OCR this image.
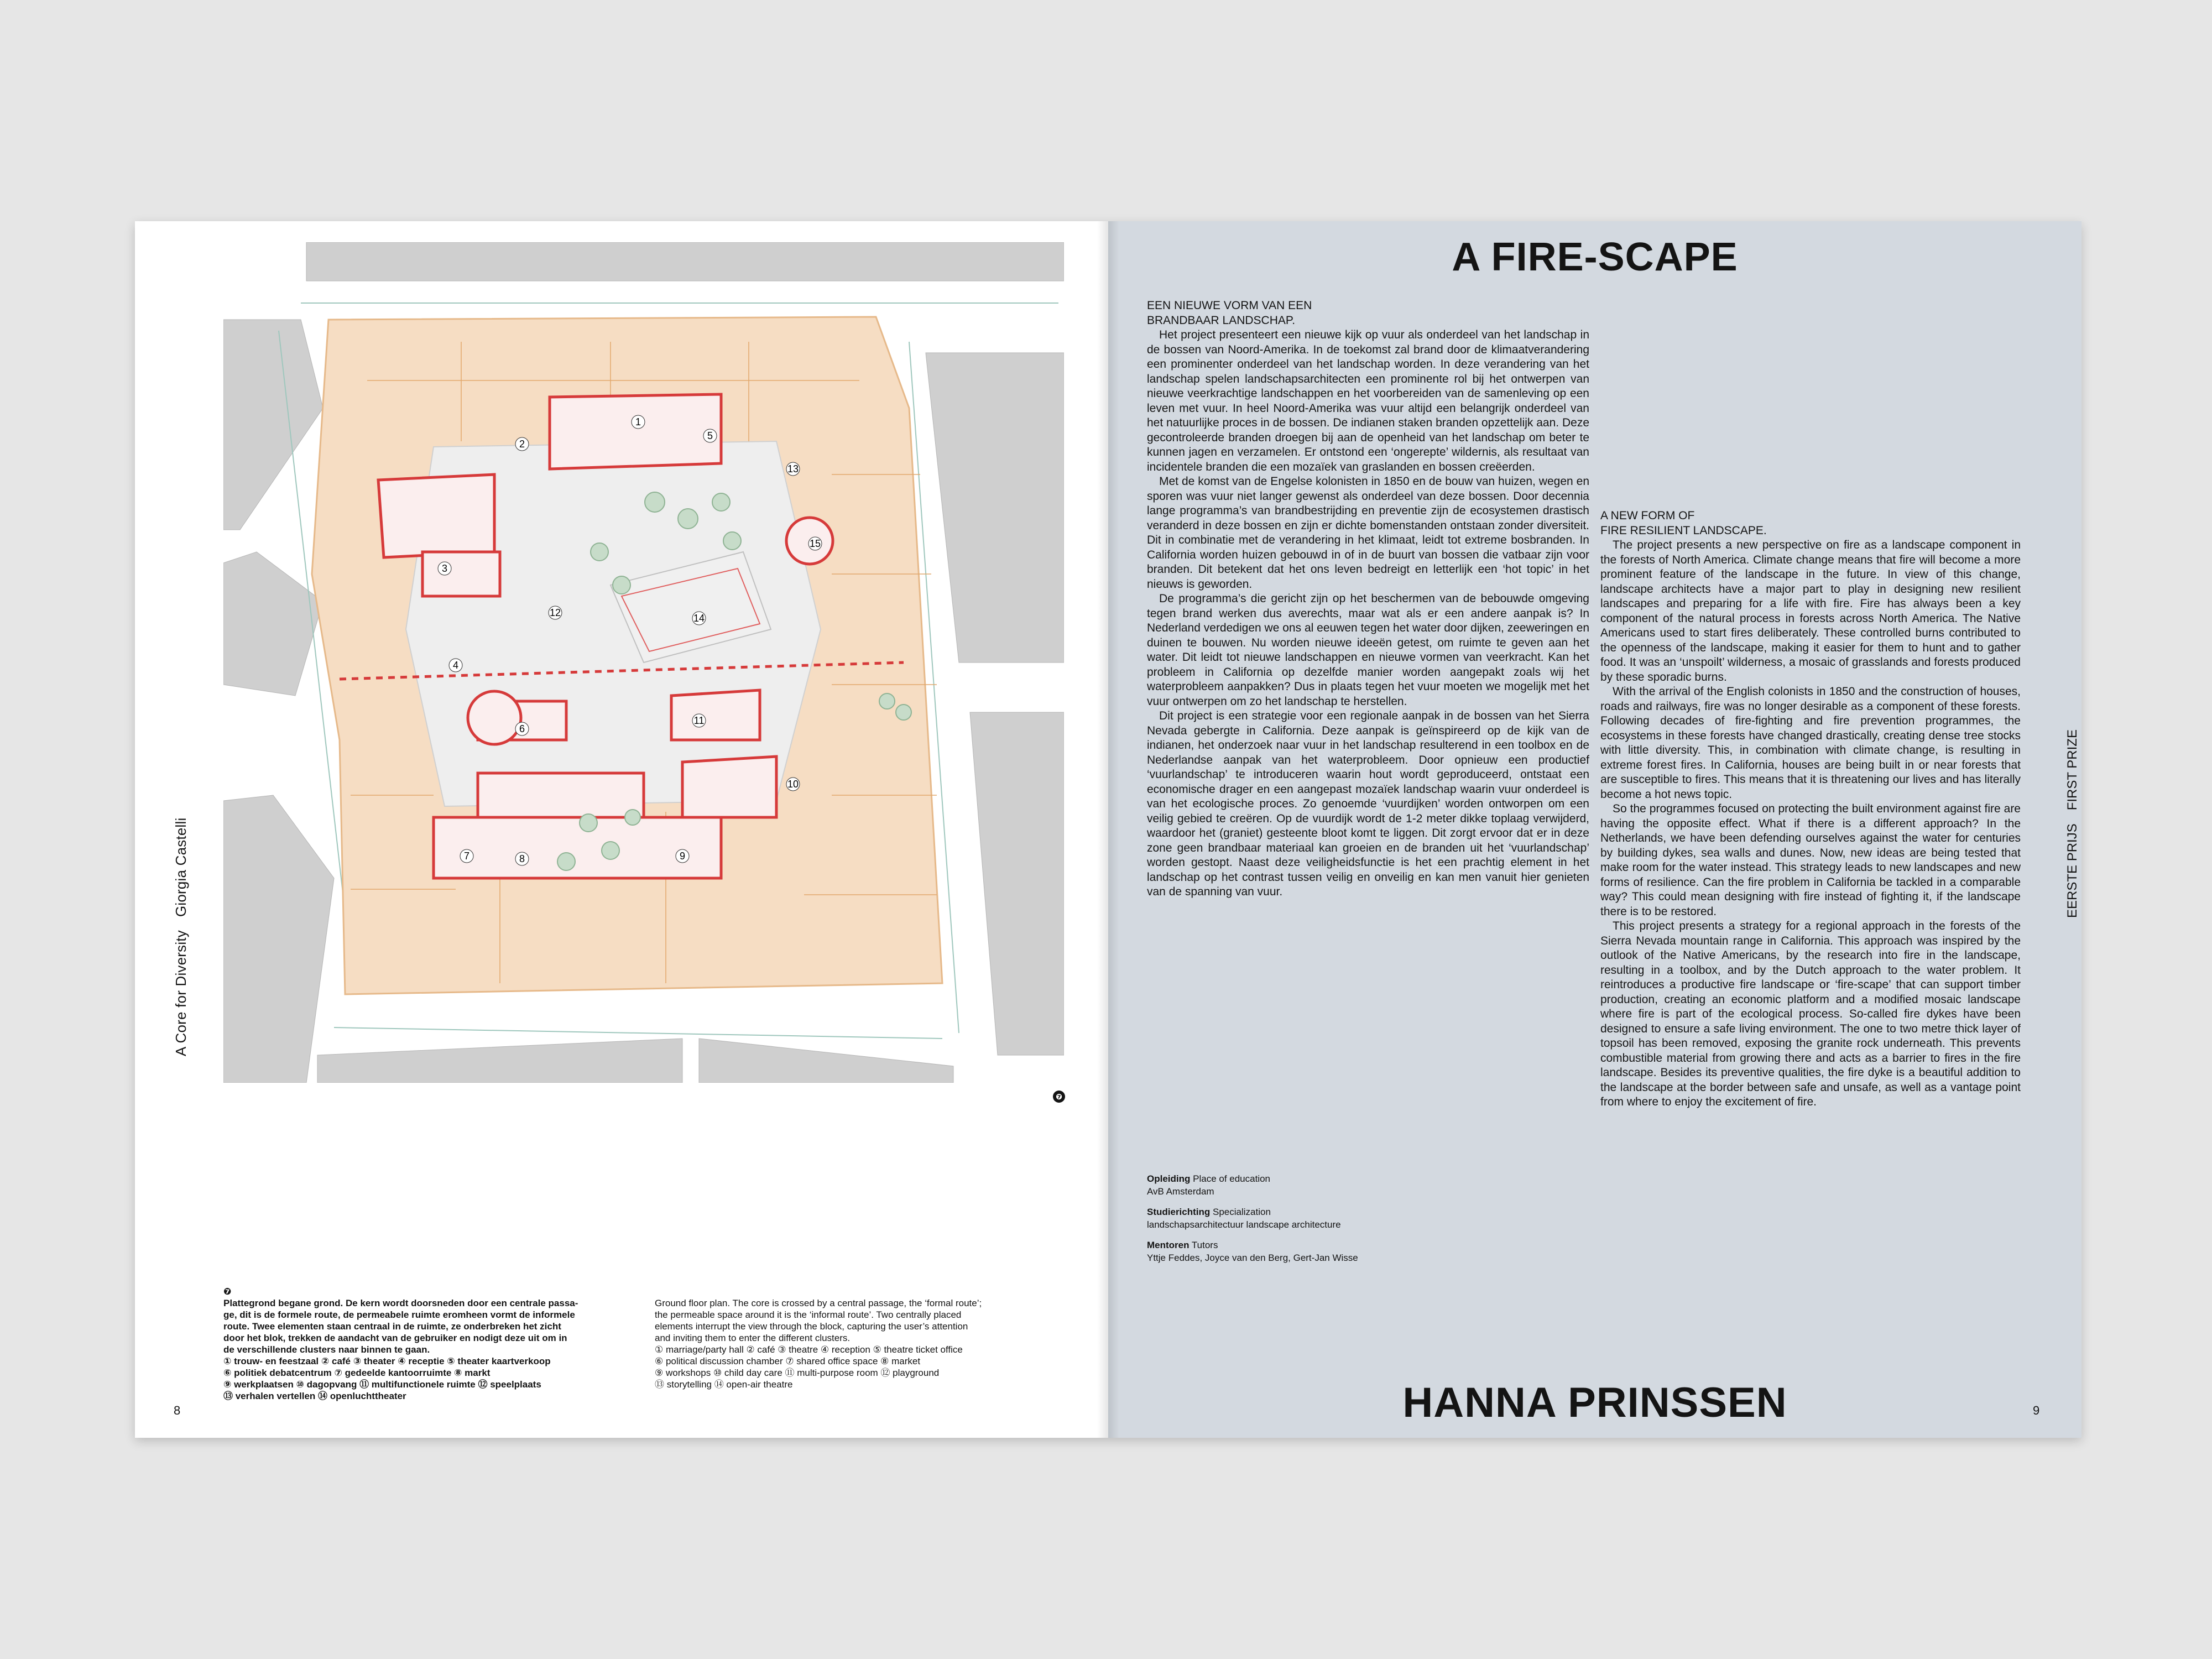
1
2
3
4
5
6
7	8	9
10
11
12
13
14
15
A Core for DiversityGiorgia Castelli
❼
❼
Plattegrond begane grond. De kern wordt doorsneden door een centrale passa-
ge, dit is de formele route, de permeabele ruimte eromheen vormt de informele
route. Twee elementen staan centraal in de ruimte, ze onderbreken het zicht
door het blok, trekken de aandacht van de gebruiker en nodigt deze uit om in
de verschillende clusters naar binnen te gaan.
① trouw- en feestzaal ② café ③ theater ④ receptie ⑤ theater kaartverkoop
⑥ politiek debatcentrum ⑦ gedeelde kantoorruimte ⑧ markt
⑨ werkplaatsen ⑩ dagopvang ⑪ multifunctionele ruimte ⑫ speelplaats
⑬ verhalen vertellen ⑭ openluchttheater
Ground floor plan. The core is crossed by a central passage, the ‘formal route’;
the permeable space around it is the ‘informal route’. Two centrally placed
elements interrupt the view through the block, capturing the user’s attention
and inviting them to enter the different clusters.
① marriage/party hall ② café ③ theatre ④ reception ⑤ theatre ticket office
⑥ political discussion chamber ⑦ shared office space ⑧ market
⑨ workshops ⑩ child day care ⑪ multi-purpose room ⑫ playground
⑬ storytelling ⑭ open-air theatre
8
A FIRE-SCAPE
EEN NIEUWE VORM VAN EEN
BRANDBAAR LANDSCHAP.

Het project presenteert een nieuwe kijk op vuur als onderdeel van het landschap in de bossen van Noord-Amerika. In de toekomst zal brand door de klimaatverandering een prominenter onderdeel van het landschap worden. In deze verandering van het landschap spelen landschapsarchitecten een prominente rol bij het ontwerpen van nieuwe veerkrachtige landschappen en het voorbereiden van de samenleving op een leven met vuur. In heel Noord-Amerika was vuur altijd een belangrijk onderdeel van het natuurlijke proces in de bossen. De indianen staken branden opzettelijk aan. Deze gecontroleerde branden droegen bij aan de openheid van het landschap om beter te kunnen jagen en verzamelen. Er ontstond een ‘ongerepte’ wildernis, als resultaat van incidentele branden die een mozaïek van graslanden en bossen creëerden.

Met de komst van de Engelse kolonisten in 1850 en de bouw van huizen, wegen en sporen was vuur niet langer gewenst als onderdeel van deze bossen. Door decennia lange programma’s van brandbestrijding en preventie zijn de ecosystemen drastisch veranderd in deze bossen en zijn er dichte bomenstanden ontstaan zonder diversiteit. Dit in combinatie met de verandering in het klimaat, leidt tot extreme bosbranden. In California worden huizen gebouwd in of in de buurt van bossen die vatbaar zijn voor branden. Dit betekent dat het ons leven bedreigt en letterlijk een ‘hot topic’ in het nieuws is geworden.

De programma’s die gericht zijn op het beschermen van de bebouwde omgeving tegen brand werken dus averechts, maar wat als er een andere aanpak is? In Nederland verdedigen we ons al eeuwen tegen het water door dijken, zeeweringen en duinen te bouwen. Nu worden nieuwe ideeën getest, om ruimte te geven aan het water. Dit leidt tot nieuwe landschappen en nieuwe vormen van veerkracht. Kan het probleem in California op dezelfde manier worden aangepakt zoals wij het waterprobleem aanpakken? Dus in plaats tegen het vuur moeten we mogelijk met het vuur ontwerpen om zo het landschap te herstellen.

Dit project is een strategie voor een regionale aanpak in de bossen van het Sierra Nevada gebergte in California. Deze aanpak is geïnspireerd op de kijk van de indianen, het onderzoek naar vuur in het landschap resulterend in een toolbox en de Nederlandse aanpak van het waterprobleem. Door opnieuw een productief ‘vuurlandschap’ te introduceren waarin hout wordt geproduceerd, ontstaat een economische drager en een aangepast mozaïek landschap waarin vuur onderdeel is van het ecologische proces. Zo genoemde ‘vuurdijken’ worden ontworpen om een veilig gebied te creëren. Op de vuurdijk wordt de 1-2 meter dikke toplaag verwijderd, waardoor het (graniet) gesteente bloot komt te liggen. Dit zorgt ervoor dat er in deze zone geen brandbaar materiaal kan groeien en de branden uit het ‘vuurlandschap’ worden gestopt. Naast deze veiligheidsfunctie is het een prachtig element in het landschap op het contrast tussen veilig en onveilig en kan men vanuit hier genieten van de spanning van vuur.

A NEW FORM OF
FIRE RESILIENT LANDSCAPE.

The project presents a new perspective on fire as a landscape component in the forests of North America. Climate change means that fire will become a more prominent feature of the landscape in the future. In view of this change, landscape architects have a major part to play in designing new resilient landscapes and preparing for a life with fire. Fire has always been a key component of the natural process in forests across North America. The Native Americans used to start fires deliberately. These controlled burns contributed to the openness of the landscape, making it easier for them to hunt and to gather food. It was an ‘unspoilt’ wilderness, a mosaic of grasslands and forests produced by these sporadic burns.

With the arrival of the English colonists in 1850 and the construction of houses, roads and railways, fire was no longer desirable as a component of these forests. Following decades of fire-fighting and fire prevention programmes, the ecosystems in these forests have changed drastically, creating dense tree stocks with little diversity. This, in combination with climate change, is resulting in extreme forest fires. In California, houses are being built in or near forests that are susceptible to fires. This means that it is threatening our lives and has literally become a hot news topic.

So the programmes focused on protecting the built environment against fire are having the opposite effect. What if there is a different approach? In the Netherlands, we have been defending ourselves against the water for centuries by building dykes, sea walls and dunes. Now, new ideas are being tested that make room for the water instead. This strategy leads to new landscapes and new forms of resilience. Can the fire problem in California be tackled in a comparable way? This could mean designing with fire instead of fighting it, if the landscape there is to be restored.

This project presents a strategy for a regional approach in the forests of the Sierra Nevada mountain range in California. This approach was inspired by the outlook of the Native Americans, by the research into fire in the landscape, resulting in a toolbox, and by the Dutch approach to the water problem. It reintroduces a productive fire landscape or ‘fire-scape’ that can support timber production, creating an economic platform and a modified mosaic landscape where fire is part of the ecological process. So-called fire dykes have been designed to ensure a safe living environment. The one to two metre thick layer of topsoil has been removed, exposing the granite rock underneath. This prevents combustible material from growing there and acts as a barrier to fires in the fire landscape. Besides its preventive qualities, the fire dyke is a beautiful addition to the landscape at the border between safe and unsafe, as well as a vantage point from where to enjoy the excitement of fire.

Opleiding Place of education
AvB Amsterdam
Studierichting Specialization
landschapsarchitectuur landscape architecture
Mentoren Tutors
Yttje Feddes, Joyce van den Berg, Gert-Jan Wisse
EERSTE PRIJSFIRST PRIZE
HANNA PRINSSEN	9
